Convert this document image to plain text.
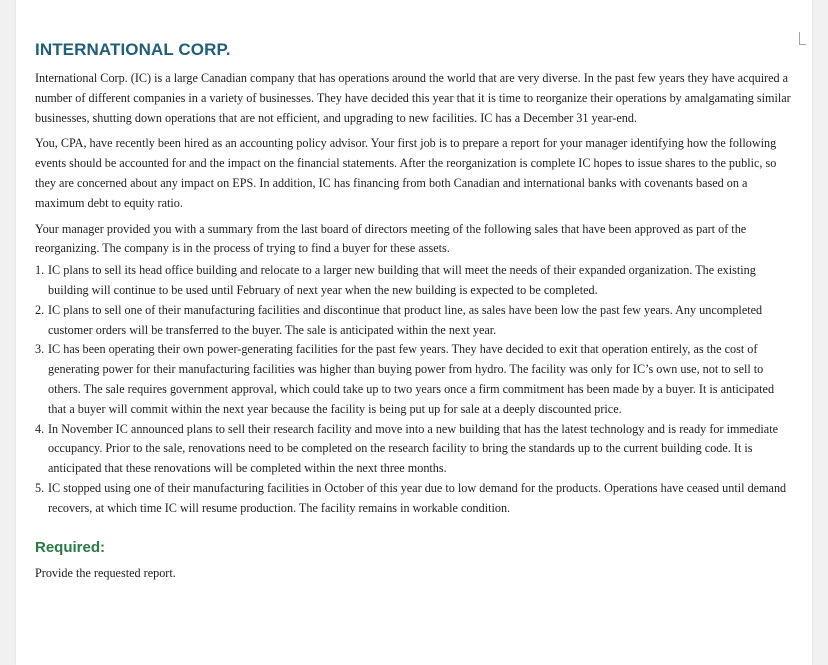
INTERNATIONAL CORP.

International Corp. (IC) is a large Canadian company that has operations around the world that are very diverse. In the past few years they have acquired a number of different companies in a variety of businesses. They have decided this year that it is time to reorganize their operations by amalgamating similar businesses, shutting down operations that are not efficient, and upgrading to new facilities. IC has a December 31 year-end.

You, CPA, have recently been hired as an accounting policy advisor. Your first job is to prepare a report for your manager identifying how the following events should be accounted for and the impact on the financial statements. After the reorganization is complete IC hopes to issue shares to the public, so they are concerned about any impact on EPS. In addition, IC has financing from both Canadian and international banks with covenants based on a maximum debt to equity ratio.

Your manager provided you with a summary from the last board of directors meeting of the following sales that have been approved as part of the reorganizing. The company is in the process of trying to find a buyer for these assets.

1. IC plans to sell its head office building and relocate to a larger new building that will meet the needs of their expanded organization. The existing building will continue to be used until February of next year when the new building is expected to be completed.
2. IC plans to sell one of their manufacturing facilities and discontinue that product line, as sales have been low the past few years. Any uncompleted customer orders will be transferred to the buyer. The sale is anticipated within the next year.
3. IC has been operating their own power-generating facilities for the past few years. They have decided to exit that operation entirely, as the cost of generating power for their manufacturing facilities was higher than buying power from hydro. The facility was only for IC’s own use, not to sell to others. The sale requires government approval, which could take up to two years once a firm commitment has been made by a buyer. It is anticipated that a buyer will commit within the next year because the facility is being put up for sale at a deeply discounted price.
4. In November IC announced plans to sell their research facility and move into a new building that has the latest technology and is ready for immediate occupancy. Prior to the sale, renovations need to be completed on the research facility to bring the standards up to the current building code. It is anticipated that these renovations will be completed within the next three months.
5. IC stopped using one of their manufacturing facilities in October of this year due to low demand for the products. Operations have ceased until demand recovers, at which time IC will resume production. The facility remains in workable condition.
Required:

Provide the requested report.
